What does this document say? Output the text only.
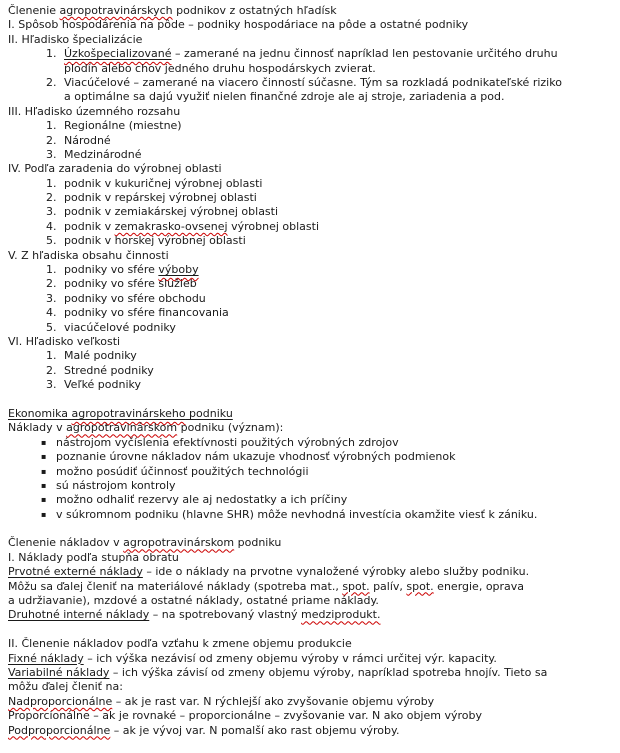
Členenie agropotravinárskych podnikov z ostatných hľadísk
I. Spôsob hospodárenia na pôde – podniky hospodáriace na pôde a ostatné podniky
II. Hľadisko špecializácie
1. Úzkošpecializované – zamerané na jednu činnosť napríklad len pestovanie určitého druhu
plodín alebo chov jedného druhu hospodárskych zvierat.
2. Viacúčelové – zamerané na viacero činností súčasne. Tým sa rozkladá podnikateľské riziko
a optimálne sa dajú využiť nielen finančné zdroje ale aj stroje, zariadenia a pod.
III. Hľadisko územného rozsahu
1. Regionálne (miestne)
2. Národné
3. Medzinárodné
IV. Podľa zaradenia do výrobnej oblasti
1. podnik v kukuričnej výrobnej oblasti
2. podnik v repárskej výrobnej oblasti
3. podnik v zemiakárskej výrobnej oblasti
4. podnik v zemakrasko-ovsenej výrobnej oblasti
5. podnik v horskej výrobnej oblasti
V. Z hľadiska obsahu činnosti
1. podniky vo sfére výboby
2. podniky vo sfére služieb
3. podniky vo sfére obchodu
4. podniky vo sfére financovania
5. viacúčelové podniky
VI. Hľadisko veľkosti
1. Malé podniky
2. Stredné podniky
3. Veľké podniky

Ekonomika agropotravinárskeho podniku
Náklady v agropotravinárskom podniku (význam):
▪ nástrojom vyčíslenia efektívnosti použitých výrobných zdrojov
▪ poznanie úrovne nákladov nám ukazuje vhodnosť výrobných podmienok
▪ možno posúdiť účinnosť použitých technológii
▪ sú nástrojom kontroly
▪ možno odhaliť rezervy ale aj nedostatky a ich príčiny
▪ v súkromnom podniku (hlavne SHR) môže nevhodná investícia okamžite viesť k zániku.

Členenie nákladov v agropotravinárskom podniku
I. Náklady podľa stupňa obratu
Prvotné externé náklady – ide o náklady na prvotne vynaložené výrobky alebo služby podniku.
Môžu sa ďalej členiť na materiálové náklady (spotreba mat., spot. palív, spot. energie, oprava
a udržiavanie), mzdové a ostatné náklady, ostatné priame náklady.
Druhotné interné náklady – na spotrebovaný vlastný medziprodukt.

II. Členenie nákladov podľa vzťahu k zmene objemu produkcie
Fixné náklady – ich výška nezávisí od zmeny objemu výroby v rámci určitej výr. kapacity.
Variabilné náklady – ich výška závisí od zmeny objemu výroby, napríklad spotreba hnojív. Tieto sa
môžu ďalej členiť na:
Nadproporcionálne – ak je rast var. N rýchlejší ako zvyšovanie objemu výroby
Proporcionálne – ak je rovnaké – proporcionálne – zvyšovanie var. N ako objem výroby
Podproporcionálne – ak je vývoj var. N pomalší ako rast objemu výroby.
